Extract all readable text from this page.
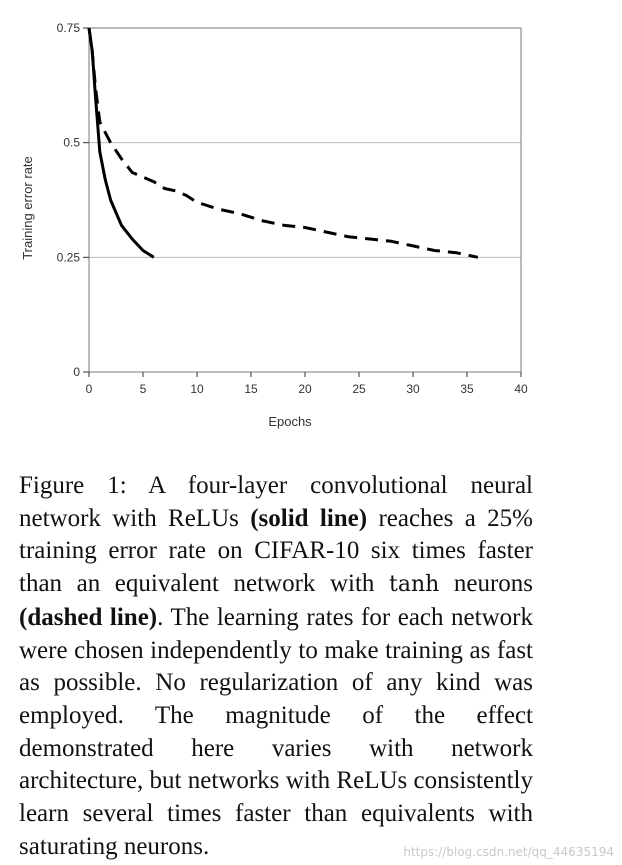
0
0.25
0.5
0.75
0	5	10	15	20	25	30	35	40
Training error rate
Epochs
Figure 1: A four-layer convolutional neural network with ReLUs (solid line) reaches a 25% training error rate on CIFAR-10 six times faster than an equivalent network with tanh neurons (dashed line). The learning rates for each network were chosen independently to make training as fast as possible. No regularization of any kind was employed. The magnitude of the effect demonstrated here varies with network architecture, but networks with ReLUs consistently learn several times faster than equivalents with saturating neurons.	https://blog.csdn.net/qq_44635194
